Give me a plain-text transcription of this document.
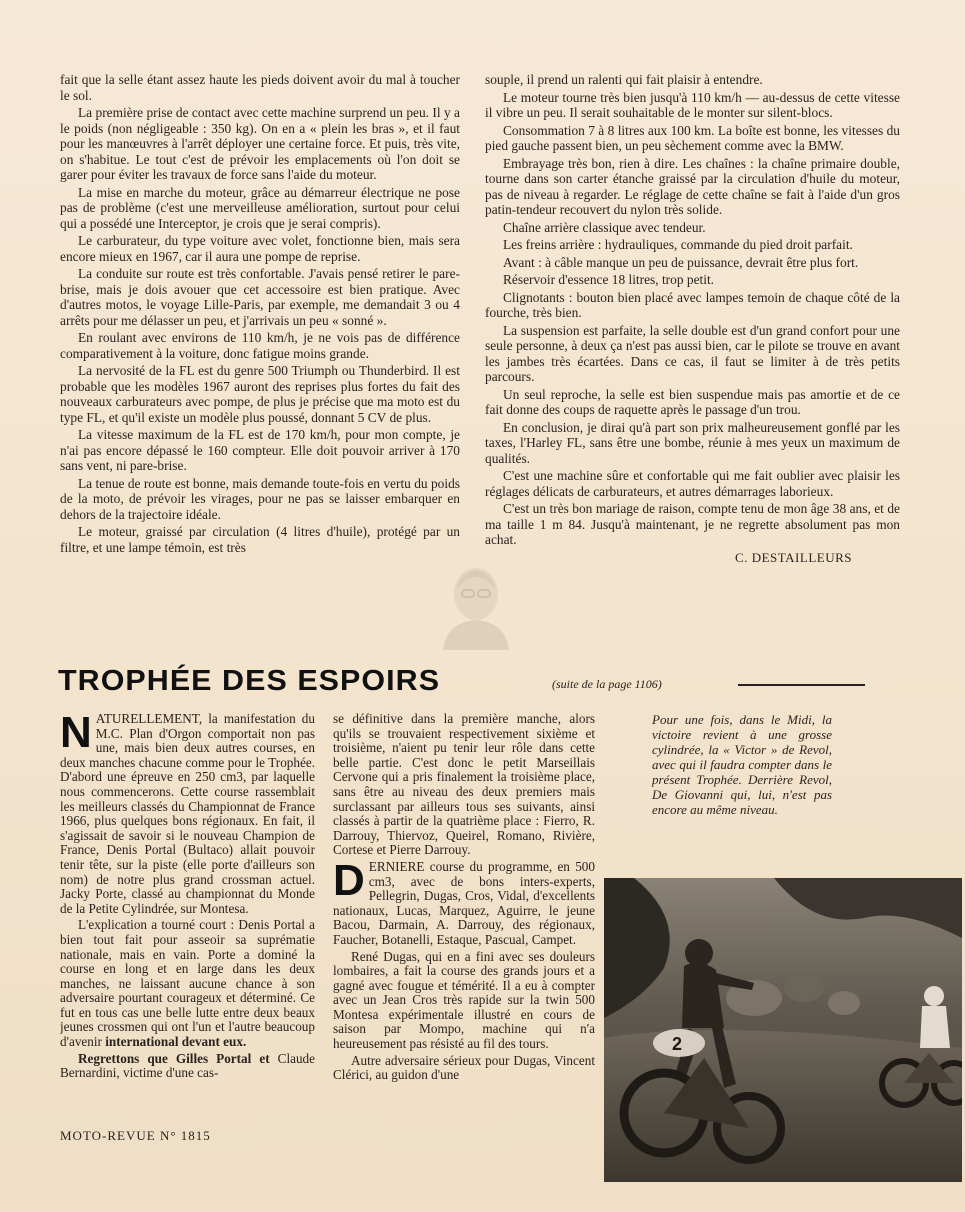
fait que la selle étant assez haute les pieds doivent avoir du mal à toucher le sol.

La première prise de contact avec cette machine surprend un peu. Il y a le poids (non négligeable : 350 kg). On en a « plein les bras », et il faut pour les manœuvres à l'arrêt déployer une certaine force. Et puis, très vite, on s'habitue. Le tout c'est de prévoir les emplacements où l'on doit se garer pour éviter les travaux de force sans l'aide du moteur.

La mise en marche du moteur, grâce au démarreur électrique ne pose pas de problème (c'est une merveilleuse amélioration, surtout pour celui qui a possédé une Interceptor, je crois que je serai compris).

Le carburateur, du type voiture avec volet, fonctionne bien, mais sera encore mieux en 1967, car il aura une pompe de reprise.

La conduite sur route est très confortable. J'avais pensé retirer le pare-brise, mais je dois avouer que cet accessoire est bien pratique. Avec d'autres motos, le voyage Lille-Paris, par exemple, me demandait 3 ou 4 arrêts pour me délasser un peu, et j'arrivais un peu « sonné ».

En roulant avec environs de 110 km/h, je ne vois pas de différence comparativement à la voiture, donc fatigue moins grande.

La nervosité de la FL est du genre 500 Triumph ou Thunderbird. Il est probable que les modèles 1967 auront des reprises plus fortes du fait des nouveaux carburateurs avec pompe, de plus je précise que ma moto est du type FL, et qu'il existe un modèle plus poussé, donnant 5 CV de plus.

La vitesse maximum de la FL est de 170 km/h, pour mon compte, je n'ai pas encore dépassé le 160 compteur. Elle doit pouvoir arriver à 170 sans vent, ni pare-brise.

La tenue de route est bonne, mais demande toute-fois en vertu du poids de la moto, de prévoir les virages, pour ne pas se laisser embarquer en dehors de la trajectoire idéale.

Le moteur, graissé par circulation (4 litres d'huile), protégé par un filtre, et une lampe témoin, est très

souple, il prend un ralenti qui fait plaisir à entendre.

Le moteur tourne très bien jusqu'à 110 km/h — au-dessus de cette vitesse il vibre un peu. Il serait souhaitable de le monter sur silent-blocs.

Consommation 7 à 8 litres aux 100 km. La boîte est bonne, les vitesses du pied gauche passent bien, un peu sèchement comme avec la BMW.

Embrayage très bon, rien à dire. Les chaînes : la chaîne primaire double, tourne dans son carter étanche graissé par la circulation d'huile du moteur, pas de niveau à regarder. Le réglage de cette chaîne se fait à l'aide d'un gros patin-tendeur recouvert du nylon très solide.

Chaîne arrière classique avec tendeur.

Les freins arrière : hydrauliques, commande du pied droit parfait.

Avant : à câble manque un peu de puissance, devrait être plus fort.

Réservoir d'essence 18 litres, trop petit.

Clignotants : bouton bien placé avec lampes temoin de chaque côté de la fourche, très bien.

La suspension est parfaite, la selle double est d'un grand confort pour une seule personne, à deux ça n'est pas aussi bien, car le pilote se trouve en avant les jambes très écartées. Dans ce cas, il faut se limiter à de très petits parcours.

Un seul reproche, la selle est bien suspendue mais pas amortie et de ce fait donne des coups de raquette après le passage d'un trou.

En conclusion, je dirai qu'à part son prix malheureusement gonflé par les taxes, l'Harley FL, sans être une bombe, réunie à mes yeux un maximum de qualités.

C'est une machine sûre et confortable qui me fait oublier avec plaisir les réglages délicats de carburateurs, et autres démarrages laborieux.

C'est un très bon mariage de raison, compte tenu de mon âge 38 ans, et de ma taille 1 m 84. Jusqu'à maintenant, je ne regrette absolument pas mon achat.

C. DESTAILLEURS
TROPHÉE DES ESPOIRS	(suite de la page 1106)

NATURELLEMENT, la manifestation du M.C. Plan d'Orgon comportait non pas une, mais bien deux autres courses, en deux manches chacune comme pour le Trophée. D'abord une épreuve en 250 cm3, par laquelle nous commencerons. Cette course rassemblait les meilleurs classés du Championnat de France 1966, plus quelques bons régionaux. En fait, il s'agissait de savoir si le nouveau Champion de France, Denis Portal (Bultaco) allait pouvoir tenir tête, sur la piste (elle porte d'ailleurs son nom) de notre plus grand crossman actuel. Jacky Porte, classé au championnat du Monde de la Petite Cylindrée, sur Montesa.

L'explication a tourné court : Denis Portal a bien tout fait pour asseoir sa suprématie nationale, mais en vain. Porte a dominé la course en long et en large dans les deux manches, ne laissant aucune chance à son adversaire pourtant courageux et déterminé. Ce fut en tous cas une belle lutte entre deux beaux jeunes crossmen qui ont l'un et l'autre beaucoup d'avenir international devant eux.

Regrettons que Gilles Portal et Claude Bernardini, victime d'une cas-

se définitive dans la première manche, alors qu'ils se trouvaient respectivement sixième et troisième, n'aient pu tenir leur rôle dans cette belle partie. C'est donc le petit Marseillais Cervone qui a pris finalement la troisième place, sans être au niveau des deux premiers mais surclassant par ailleurs tous ses suivants, ainsi classés à partir de la quatrième place : Fierro, R. Darrouy, Thiervoz, Queirel, Romano, Rivière, Cortese et Pierre Darrouy.

DERNIERE course du programme, en 500 cm3, avec de bons inters-experts, Pellegrin, Dugas, Cros, Vidal, d'excellents nationaux, Lucas, Marquez, Aguirre, le jeune Bacou, Darmain, A. Darrouy, des régionaux, Faucher, Botanelli, Estaque, Pascual, Campet.

René Dugas, qui en a fini avec ses douleurs lombaires, a fait la course des grands jours et a gagné avec fougue et témérité. Il a eu à compter avec un Jean Cros très rapide sur la twin 500 Montesa expérimentale illustré en cours de saison par Mompo, machine qui n'a heureusement pas résisté au fil des tours.

Autre adversaire sérieux pour Dugas, Vincent Clérici, au guidon d'une

Pour une fois, dans le Midi, la victoire revient à une grosse cylindrée, la « Victor » de Revol, avec qui il faudra compter dans le présent Trophée. Derrière Revol, De Giovanni qui, lui, n'est pas encore au même niveau.
2
MOTO-REVUE N° 1815
